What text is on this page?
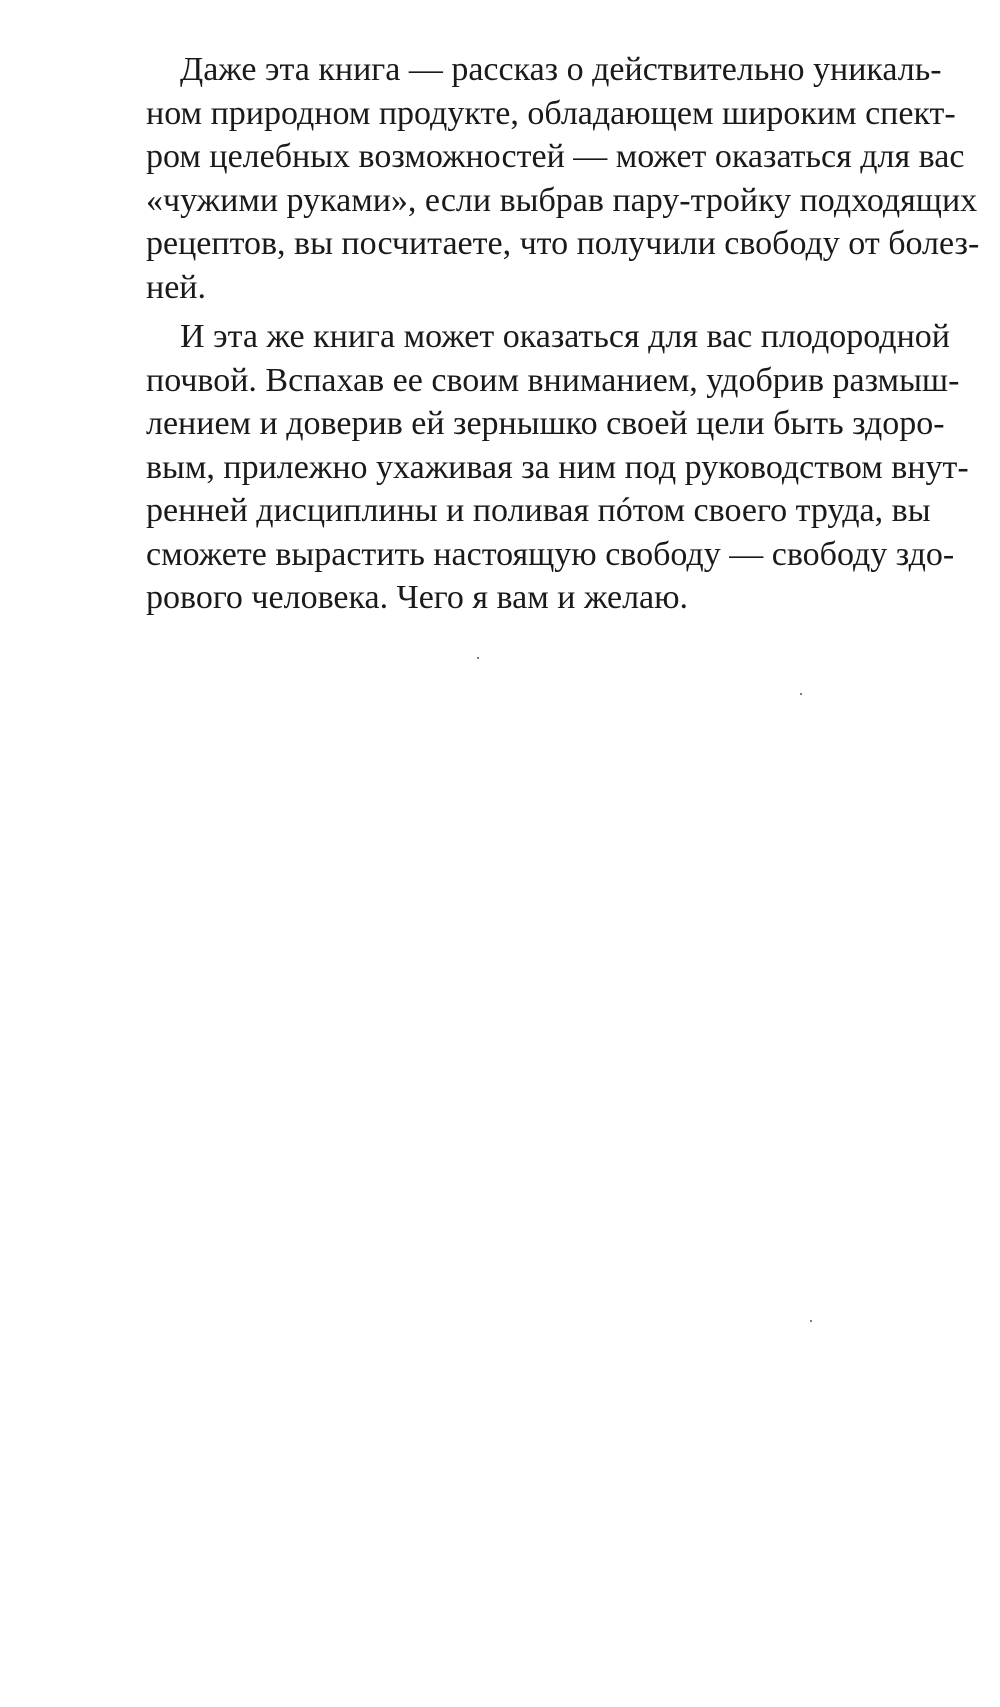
Даже эта книга — рассказ о действительно уникаль-
ном природном продукте, обладающем широким спект-
ром целебных возможностей — может оказаться для вас
«чужими руками», если выбрав пару-тройку подходящих
рецептов, вы посчитаете, что получили свободу от болез-
ней.
И эта же книга может оказаться для вас плодородной
почвой. Вспахав ее своим вниманием, удобрив размыш-
лением и доверив ей зернышко своей цели быть здоро-
вым, прилежно ухаживая за ним под руководством внут-
ренней дисциплины и поливая пóтом своего труда, вы
сможете вырастить настоящую свободу — свободу здо-
рового человека. Чего я вам и желаю.
